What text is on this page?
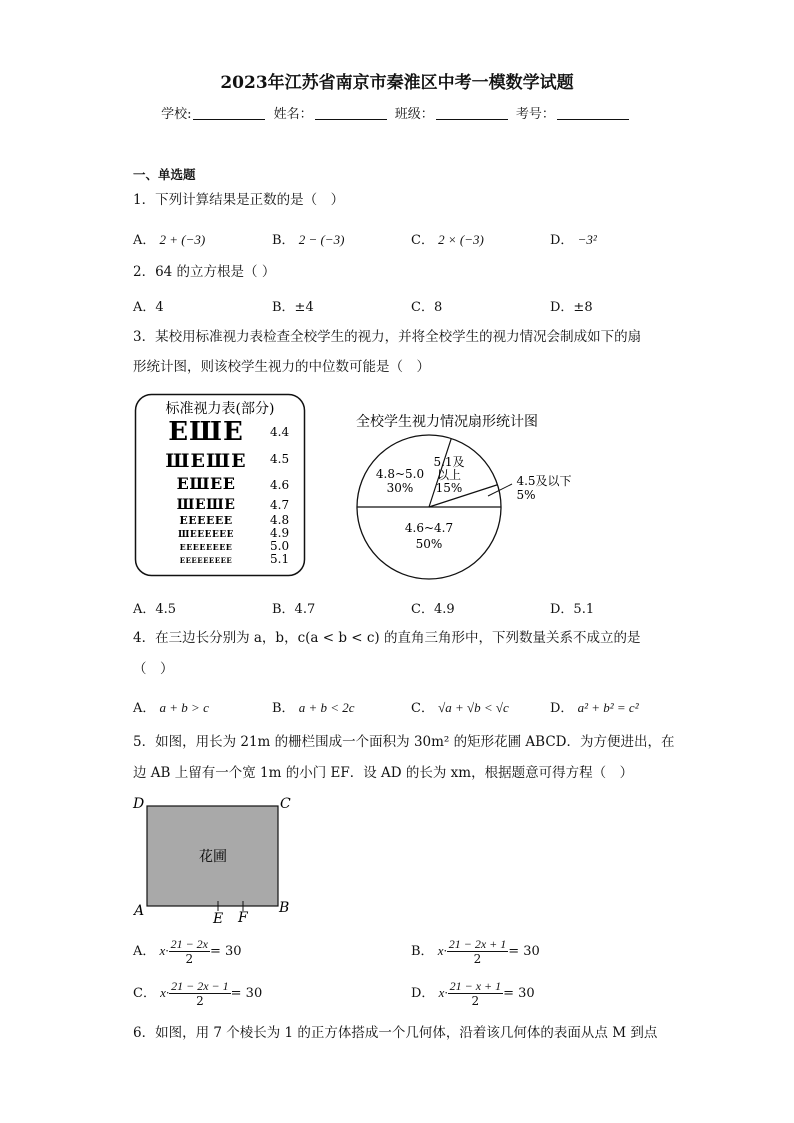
2023年江苏省南京市秦淮区中考一模数学试题
学校:	姓名：	班级：	考号：
一、单选题
1．下列计算结果是正数的是（　）
A． 2 + (−3)	B． 2 − (−3)	C． 2 × (−3)	D． −3²
2．64 的立方根是（ ）
A．4	B．±4	C．8	D．±8
3．某校用标准视力表检查全校学生的视力，并将全校学生的视力情况会制成如下的扇
形统计图，则该校学生视力的中位数可能是（　）
标准视力表(部分)
ЕШЕ 4.4
ШЕШЕ 4.5
ЕШЕЕ	4.6
ШЕШЕ	4.7
ЕЕЕЕЕЕ	4.8
ШЕЕЕЕЕЕ	4.9
ЕЕЕЕЕЕЕЕ	5.0
ЕЕЕЕЕЕЕЕЕ	5.1
全校学生视力情况扇形统计图
4.8~5.0
30%
5.1及
以上
15%	4.5及以下
5%
4.6~4.7
50%
A．4.5	B．4.7	C．4.9	D．5.1
4．在三边长分别为 a，b，c(a < b < c) 的直角三角形中，下列数量关系不成立的是
（　）
A． a + b > c	B． a + b < 2c	C． √a + √b < √c	D． a² + b² = c²
5．如图，用长为 21m 的栅栏围成一个面积为 30m² 的矩形花圃 ABCD．为方便进出，在
边 AB 上留有一个宽 1m 的小门 EF．设 AD 的长为 xm，根据题意可得方程（　）
花圃
D	C
A	B
E F
A． $x\cdot \frac{21 - 2x}{2} = 30$	B． $x\cdot \frac{21 - 2x + 1}{2} = 30$
C． $x\cdot \frac{21 - 2x - 1}{2} = 30$	D． $x\cdot \frac{21 - x + 1}{2} = 30$
6．如图，用 7 个棱长为 1 的正方体搭成一个几何体，沿着该几何体的表面从点 M 到点
